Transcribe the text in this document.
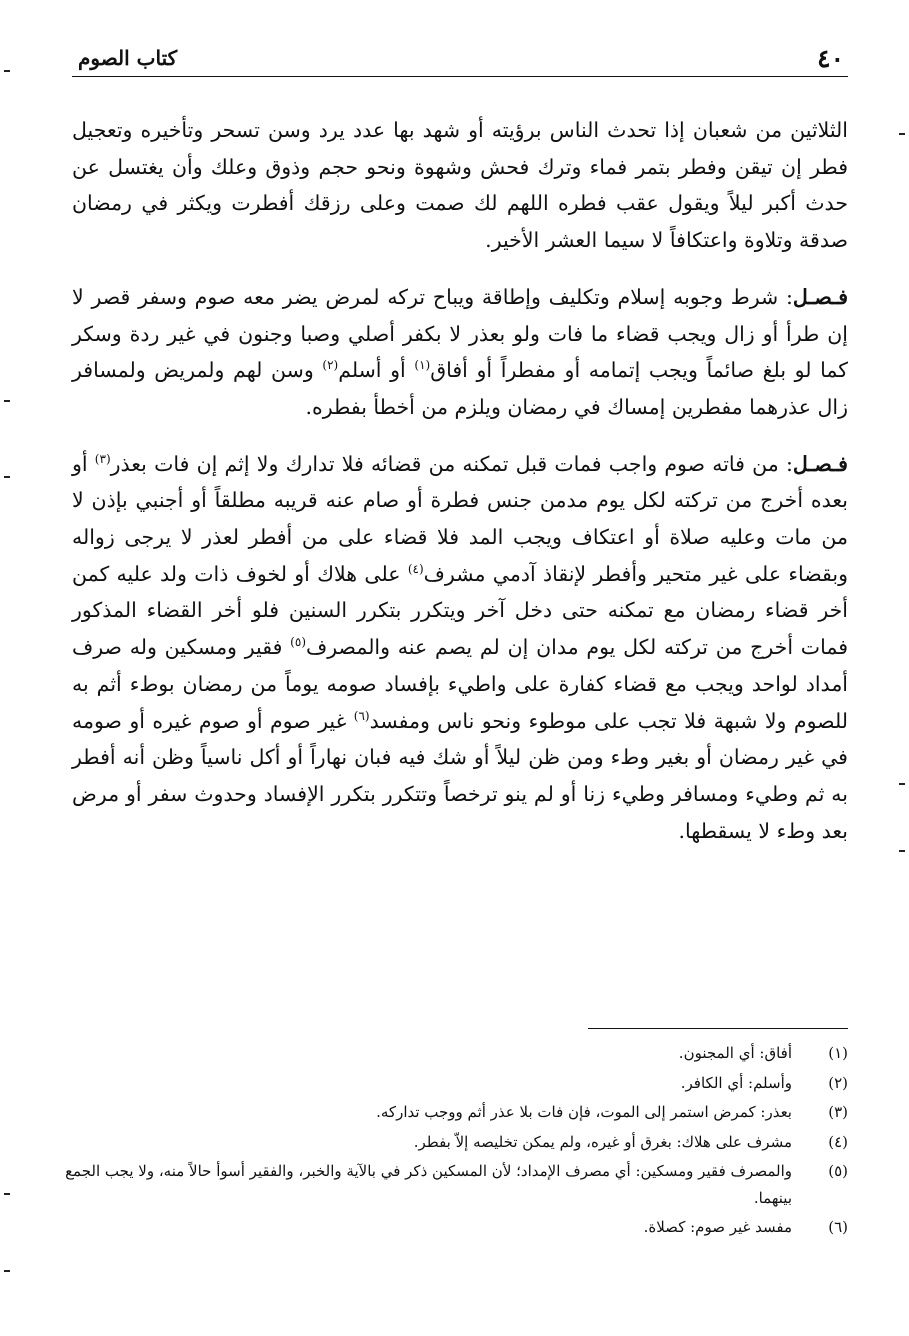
٤٠
كتاب الصوم

الثلاثين من شعبان إذا تحدث الناس برؤيته أو شهد بها عدد يرد وسن تسحر وتأخيره وتعجيل فطر إن تيقن وفطر بتمر فماء وترك فحش وشهوة ونحو حجم وذوق وعلك وأن يغتسل عن حدث أكبر ليلاً ويقول عقب فطره اللهم لك صمت وعلى رزقك أفطرت ويكثر في رمضان صدقة وتلاوة واعتكافاً لا سيما العشر الأخير.

فـصـل: شرط وجوبه إسلام وتكليف وإطاقة ويباح تركه لمرض يضر معه صوم وسفر قصر لا إن طرأ أو زال ويجب قضاء ما فات ولو بعذر لا بكفر أصلي وصبا وجنون في غير ردة وسكر كما لو بلغ صائماً ويجب إتمامه أو مفطراً أو أفاق$^{(١)}$ أو أسلم$^{(٢)}$ وسن لهم ولمريض ولمسافر زال عذرهما مفطرين إمساك في رمضان ويلزم من أخطأ بفطره.

فـصـل: من فاته صوم واجب فمات قبل تمكنه من قضائه فلا تدارك ولا إثم إن فات بعذر$^{(٣)}$ أو بعده أخرج من تركته لكل يوم مدمن جنس فطرة أو صام عنه قريبه مطلقاً أو أجنبي بإذن لا من مات وعليه صلاة أو اعتكاف ويجب المد فلا قضاء على من أفطر لعذر لا يرجى زواله وبقضاء على غير متحير وأفطر لإنقاذ آدمي مشرف$^{(٤)}$ على هلاك أو لخوف ذات ولد عليه كمن أخر قضاء رمضان مع تمكنه حتى دخل آخر ويتكرر بتكرر السنين فلو أخر القضاء المذكور فمات أخرج من تركته لكل يوم مدان إن لم يصم عنه والمصرف$^{(٥)}$ فقير ومسكين وله صرف أمداد لواحد ويجب مع قضاء كفارة على واطيء بإفساد صومه يوماً من رمضان بوطء أثم به للصوم ولا شبهة فلا تجب على موطوء ونحو ناس ومفسد$^{(٦)}$ غير صوم أو صوم غيره أو صومه في غير رمضان أو بغير وطء ومن ظن ليلاً أو شك فيه فبان نهاراً أو أكل ناسياً وظن أنه أفطر به ثم وطيء ومسافر وطيء زنا أو لم ينو ترخصاً وتتكرر بتكرر الإفساد وحدوث سفر أو مرض بعد وطء لا يسقطها.

(١)
أفاق: أي المجنون.
(٢)
وأسلم: أي الكافر.
(٣)
بعذر: كمرض استمر إلى الموت، فإن فات بلا عذر أثم ووجب تداركه.
(٤)
مشرف على هلاك: بغرق أو غيره، ولم يمكن تخليصه إلاّ بفطر.
(٥)
والمصرف فقير ومسكين: أي مصرف الإمداد؛ لأن المسكين ذكر في بالآية والخبر، والفقير أسوأ حالاً منه، ولا يجب الجمع بينهما.
(٦)
مفسد غير صوم: كصلاة.
